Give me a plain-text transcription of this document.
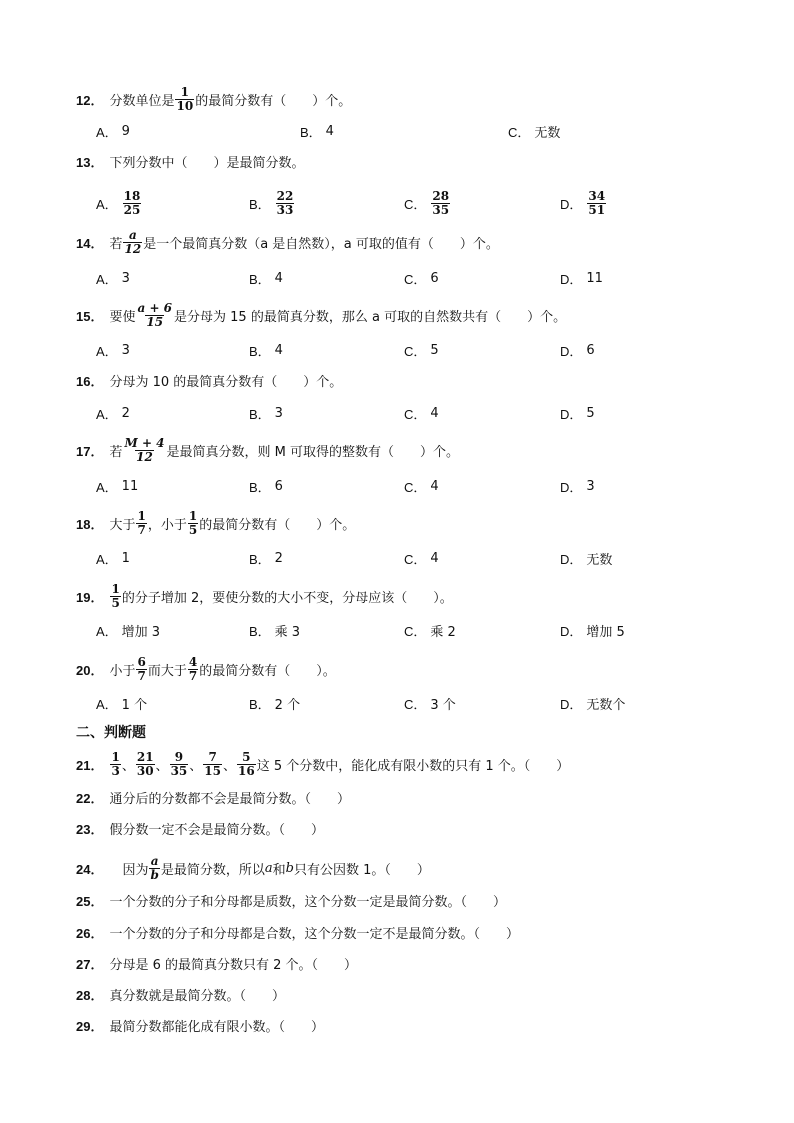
12． 分数单位是 $\frac{1}{10}$ 的最简分数有（　　）个。
A． 9	B． 4	C． 无数
13． 下列分数中（　　）是最简分数。
A． $\frac{18}{25}$	B． $\frac{22}{33}$	C． $\frac{28}{35}$	D． $\frac{34}{51}$
14． 若 $\frac{a}{12}$ 是一个最简真分数（a 是自然数），a 可取的值有（　　）个。
A． 3	B． 4	C． 6	D． 11
15． 要使 $\frac{a + 6}{15}$ 是分母为 15 的最简真分数，那么 a 可取的自然数共有（　　）个。
A． 3	B． 4	C． 5	D． 6
16． 分母为 10 的最简真分数有（　　）个。
A． 2	B． 3	C． 4	D． 5
17． 若 $\frac{M + 4}{12}$ 是最简真分数，则 M 可取得的整数有（　　）个。
A． 11	B． 6	C． 4	D． 3
18． 大于 $\frac{1}{7}$ ，小于 $\frac{1}{5}$ 的最简分数有（　　）个。
A． 1	B． 2	C． 4	D． 无数
19． $\frac{1}{5}$ 的分子增加 2，要使分数的大小不变，分母应该（　　）。
A． 增加 3	B． 乘 3	C． 乘 2	D． 增加 5
20． 小于 $\frac{6}{7}$ 而大于 $\frac{4}{7}$ 的最简分数有（　　）。
A． 1 个	B． 2 个	C． 3 个	D． 无数个
二、判断题
21． $\frac{1}{3}$ 、 $\frac{21}{30}$ 、 $\frac{9}{35}$ 、 $\frac{7}{15}$ 、 $\frac{5}{16}$ 这 5 个分数中，能化成有限小数的只有 1 个。（　　）
22． 通分后的分数都不会是最简分数。（　　）
23． 假分数一定不会是最简分数。（　　）
24． 　因为 $\frac{a}{b}$ 是最简分数，所以 a 和 b 只有公因数 1。（　　）
25． 一个分数的分子和分母都是质数，这个分数一定是最简分数。（　　）
26． 一个分数的分子和分母都是合数，这个分数一定不是最简分数。（　　）
27． 分母是 6 的最简真分数只有 2 个。（　　）
28． 真分数就是最简分数。（　　）
29． 最简分数都能化成有限小数。（　　）
